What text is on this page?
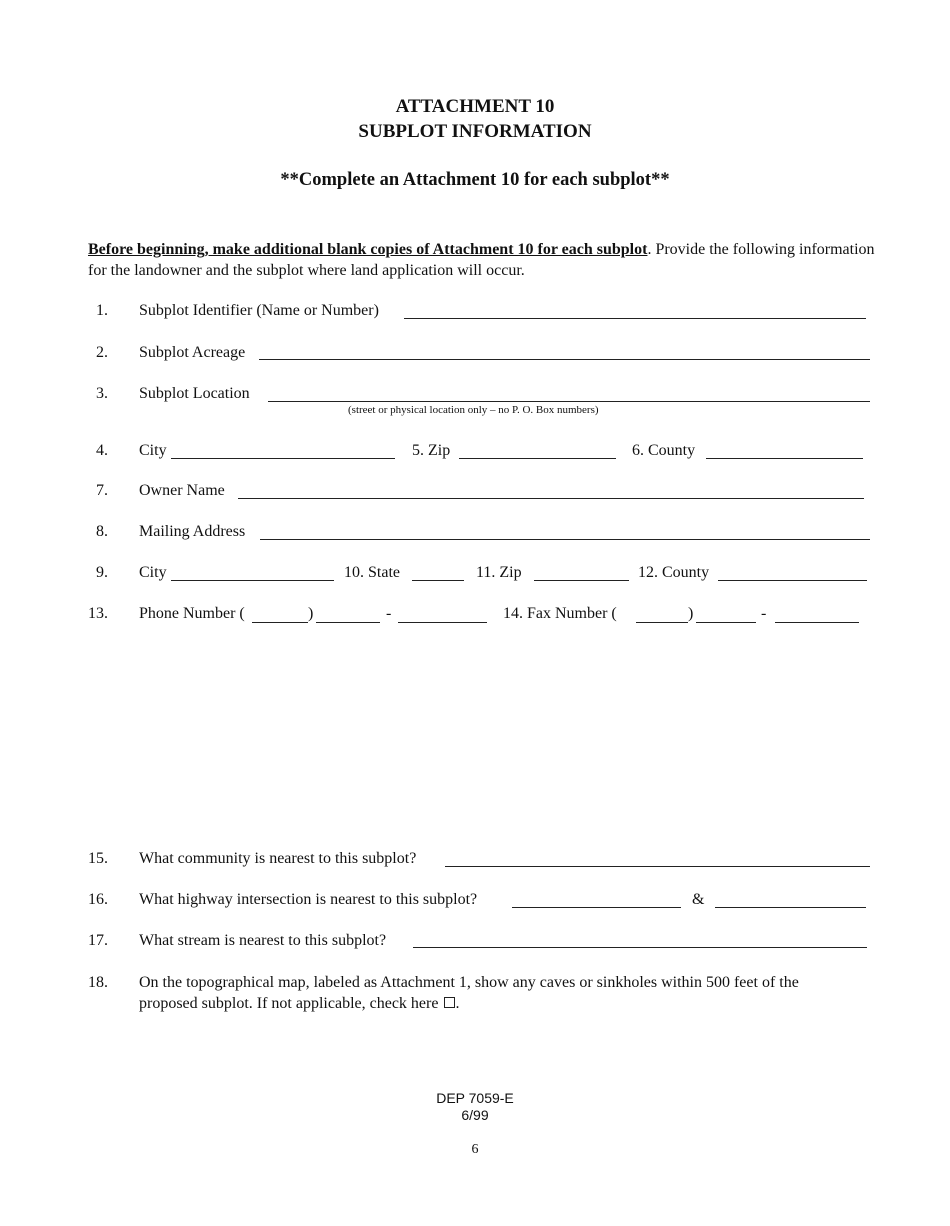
ATTACHMENT 10
SUBPLOT INFORMATION
**Complete an Attachment 10 for each subplot**
Before beginning, make additional blank copies of Attachment 10 for each subplot. Provide the following information for the landowner and the subplot where land application will occur.
1. Subplot Identifier (Name or Number)
2. Subplot Acreage
3. Subplot Location
(street or physical location only – no P. O. Box numbers)
4. City	5. Zip	6. County
7. Owner Name
8. Mailing Address
9. City	10. State	11. Zip	12. County
13. Phone Number (	)	-	14. Fax Number (	)	-
15. What community is nearest to this subplot?
16. What highway intersection is nearest to this subplot?	&
17. What stream is nearest to this subplot?
18. On the topographical map, labeled as Attachment 1, show any caves or sinkholes within 500 feet of the
proposed subplot. If not applicable, check here .
DEP 7059-E
6/99
6
